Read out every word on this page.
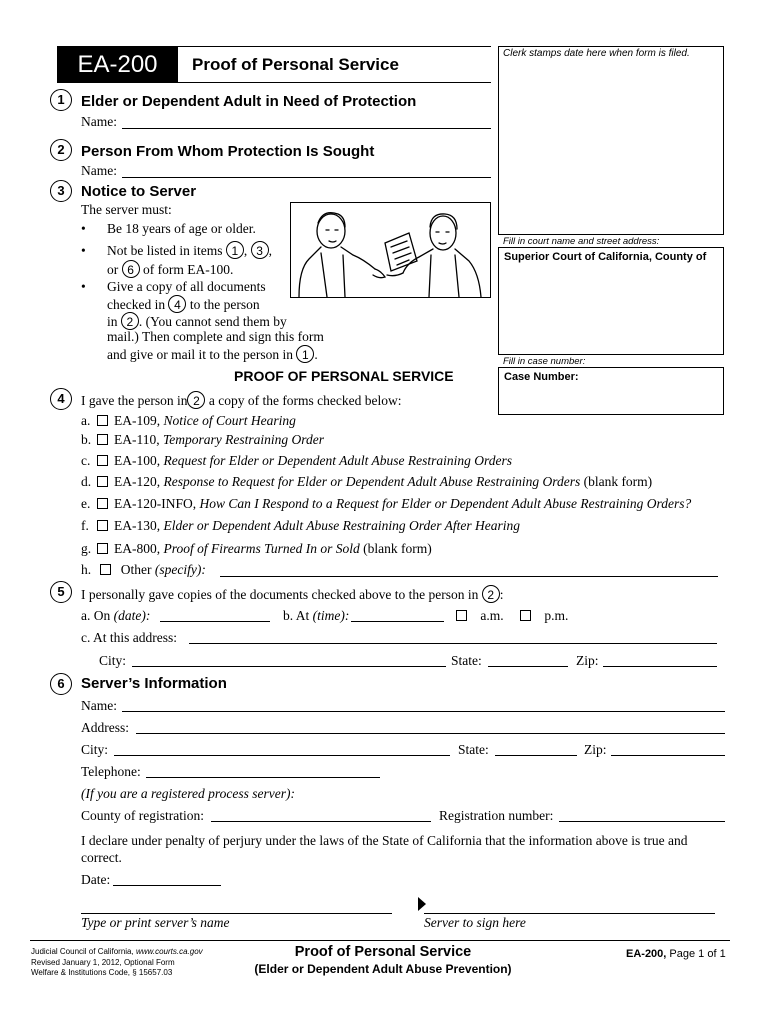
EA-200	Proof of Personal Service
Clerk stamps date here when form is filed.
Fill in court name and street address:
Superior Court of California, County of
Fill in case number:
Case Number:
1	Elder or Dependent Adult in Need of Protection
Name:
2	Person From Whom Protection Is Sought
Name:
3	Notice to Server
The server must:
• Be 18 years of age or older.
• Not be listed in items 1 , 3 ,
or 6 of form EA-100.
• Give a copy of all documents
checked in 4 to the person
in 2 . (You cannot send them by
mail.) Then complete and sign this form
and give or mail it to the person in 1 .
PROOF OF PERSONAL SERVICE
4	I gave the person in 2 a copy of the forms checked below:
a. EA-109, Notice of Court Hearing
b. EA-110, Temporary Restraining Order
c. EA-100, Request for Elder or Dependent Adult Abuse Restraining Orders
d. EA-120, Response to Request for Elder or Dependent Adult Abuse Restraining Orders (blank form)
e. EA-120-INFO, How Can I Respond to a Request for Elder or Dependent Adult Abuse Restraining Orders?
f. EA-130, Elder or Dependent Adult Abuse Restraining Order After Hearing
g. EA-800, Proof of Firearms Turned In or Sold (blank form)
h. Other (specify):
5	I personally gave copies of the documents checked above to the person in 2 :
a. On (date):	b. At (time):	a.m.	p.m.
c. At this address:
City:	State:	Zip:
6	Server’s Information
Name:
Address:
City:	State:	Zip:
Telephone:
(If you are a registered process server):
County of registration:	Registration number:
I declare under penalty of perjury under the laws of the State of California that the information above is true and
correct.
Date:
Type or print server’s name	Server to sign here
Judicial Council of California, www.courts.ca.gov
Revised January 1, 2012, Optional Form
Welfare & Institutions Code, § 15657.03
Proof of Personal Service
(Elder or Dependent Adult Abuse Prevention)
EA-200, Page 1 of 1
